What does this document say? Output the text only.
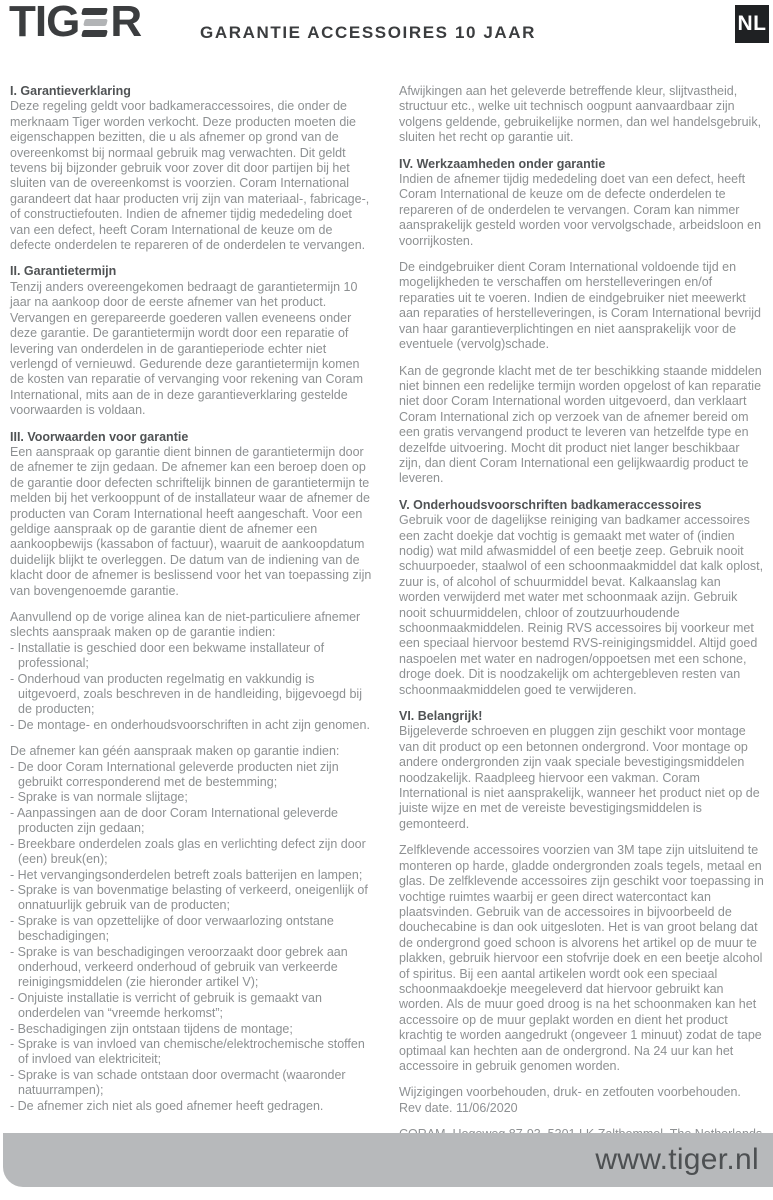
TIG R	GARANTIE ACCESSOIRES 10 JAAR	NL
I. Garantieverklaring
Deze regeling geldt voor badkameraccessoires, die onder de merknaam Tiger worden verkocht. Deze producten moeten die eigenschappen bezitten, die u als afnemer op grond van de overeenkomst bij normaal gebruik mag verwachten. Dit geldt tevens bij bijzonder gebruik voor zover dit door partijen bij het sluiten van de overeenkomst is voorzien. Coram International garandeert dat haar producten vrij zijn van materiaal-, fabricage-, of constructiefouten. Indien de afnemer tijdig mededeling doet van een defect, heeft Coram International de keuze om de defecte onderdelen te repareren of de onderdelen te vervangen.
II. Garantietermijn
Tenzij anders overeengekomen bedraagt de garantietermijn 10 jaar na aankoop door de eerste afnemer van het product. Vervangen en gerepareerde goederen vallen eveneens onder deze garantie. De garantietermijn wordt door een reparatie of levering van onderdelen in de garantieperiode echter niet verlengd of vernieuwd. Gedurende deze garantietermijn komen de kosten van reparatie of vervanging voor rekening van Coram International, mits aan de in deze garantieverklaring gestelde voorwaarden is voldaan.
III. Voorwaarden voor garantie
Een aanspraak op garantie dient binnen de garantietermijn door de afnemer te zijn gedaan. De afnemer kan een beroep doen op de garantie door defecten schriftelijk binnen de garantietermijn te melden bij het verkooppunt of de installateur waar de afnemer de producten van Coram International heeft aangeschaft. Voor een geldige aanspraak op de garantie dient de afnemer een aankoopbewijs (kassabon of factuur), waaruit de aankoopdatum duidelijk blijkt te overleggen. De datum van de indiening van de klacht door de afnemer is beslissend voor het van toepassing zijn van bovengenoemde garantie.
Aanvullend op de vorige alinea kan de niet-particuliere afnemer slechts aanspraak maken op de garantie indien:
- Installatie is geschied door een bekwame installateur of professional;
- Onderhoud van producten regelmatig en vakkundig is uitgevoerd, zoals beschreven in de handleiding, bijgevoegd bij de producten;
- De montage- en onderhoudsvoorschriften in acht zijn genomen.
De afnemer kan géén aanspraak maken op garantie indien:
- De door Coram International geleverde producten niet zijn gebruikt corresponderend met de bestemming;
- Sprake is van normale slijtage;
- Aanpassingen aan de door Coram International geleverde producten zijn gedaan;
- Breekbare onderdelen zoals glas en verlichting defect zijn door (een) breuk(en);
- Het vervangingsonderdelen betreft zoals batterijen en lampen;
- Sprake is van bovenmatige belasting of verkeerd, oneigenlijk of onnatuurlijk gebruik van de producten;
- Sprake is van opzettelijke of door verwaarlozing ontstane beschadigingen;
- Sprake is van beschadigingen veroorzaakt door gebrek aan onderhoud, verkeerd onderhoud of gebruik van verkeerde reinigingsmiddelen (zie hieronder artikel V);
- Onjuiste installatie is verricht of gebruik is gemaakt van onderdelen van “vreemde herkomst”;
- Beschadigingen zijn ontstaan tijdens de montage;
- Sprake is van invloed van chemische/elektrochemische stoffen of invloed van elektriciteit;
- Sprake is van schade ontstaan door overmacht (waaronder natuurrampen);
- De afnemer zich niet als goed afnemer heeft gedragen.
Afwijkingen aan het geleverde betreffende kleur, slijtvastheid, structuur etc., welke uit technisch oogpunt aanvaardbaar zijn volgens geldende, gebruikelijke normen, dan wel handelsgebruik, sluiten het recht op garantie uit.
IV. Werkzaamheden onder garantie
Indien de afnemer tijdig mededeling doet van een defect, heeft Coram International de keuze om de defecte onderdelen te repareren of de onderdelen te vervangen. Coram kan nimmer aansprakelijk gesteld worden voor vervolgschade, arbeidsloon en voorrijkosten.
De eindgebruiker dient Coram International voldoende tijd en mogelijkheden te verschaffen om herstelleveringen en/of reparaties uit te voeren. Indien de eindgebruiker niet meewerkt aan reparaties of herstelleveringen, is Coram International bevrijd van haar garantieverplichtingen en niet aansprakelijk voor de eventuele (vervolg)schade.
Kan de gegronde klacht met de ter beschikking staande middelen niet binnen een redelijke termijn worden opgelost of kan reparatie niet door Coram International worden uitgevoerd, dan verklaart Coram International zich op verzoek van de afnemer bereid om een gratis vervangend product te leveren van hetzelfde type en dezelfde uitvoering. Mocht dit product niet langer beschikbaar zijn, dan dient Coram International een gelijkwaardig product te leveren.
V. Onderhoudsvoorschriften badkameraccessoires
Gebruik voor de dagelijkse reiniging van badkamer accessoires een zacht doekje dat vochtig is gemaakt met water of (indien nodig) wat mild afwasmiddel of een beetje zeep. Gebruik nooit schuurpoeder, staalwol of een schoonmaakmiddel dat kalk oplost, zuur is, of alcohol of schuurmiddel bevat. Kalkaanslag kan worden verwijderd met water met schoonmaak azijn. Gebruik nooit schuurmiddelen, chloor of zoutzuurhoudende schoonmaakmiddelen. Reinig RVS accessoires bij voorkeur met een speciaal hiervoor bestemd RVS-reinigingsmiddel. Altijd goed naspoelen met water en nadrogen/oppoetsen met een schone, droge doek. Dit is noodzakelijk om achtergebleven resten van schoonmaakmiddelen goed te verwijderen.
VI. Belangrijk!
Bijgeleverde schroeven en pluggen zijn geschikt voor montage van dit product op een betonnen ondergrond. Voor montage op andere ondergronden zijn vaak speciale bevestigingsmiddelen noodzakelijk. Raadpleeg hiervoor een vakman. Coram International is niet aansprakelijk, wanneer het product niet op de juiste wijze en met de vereiste bevestigingsmiddelen is gemonteerd.
Zelfklevende accessoires voorzien van 3M tape zijn uitsluitend te monteren op harde, gladde ondergronden zoals tegels, metaal en glas. De zelfklevende accessoires zijn geschikt voor toepassing in vochtige ruimtes waarbij er geen direct watercontact kan plaatsvinden. Gebruik van de accessoires in bijvoorbeeld de douchecabine is dan ook uitgesloten. Het is van groot belang dat de ondergrond goed schoon is alvorens het artikel op de muur te plakken, gebruik hiervoor een stofvrije doek en een beetje alcohol of spiritus. Bij een aantal artikelen wordt ook een speciaal schoonmaakdoekje meegeleverd dat hiervoor gebruikt kan worden. Als de muur goed droog is na het schoonmaken kan het accessoire op de muur geplakt worden en dient het product krachtig te worden aangedrukt (ongeveer 1 minuut) zodat de tape optimaal kan hechten aan de ondergrond. Na 24 uur kan het accessoire in gebruik genomen worden.
Wijzigingen voorbehouden, druk- en zetfouten voorbehouden.
Rev date. 11/06/2020
www.tiger.nl
